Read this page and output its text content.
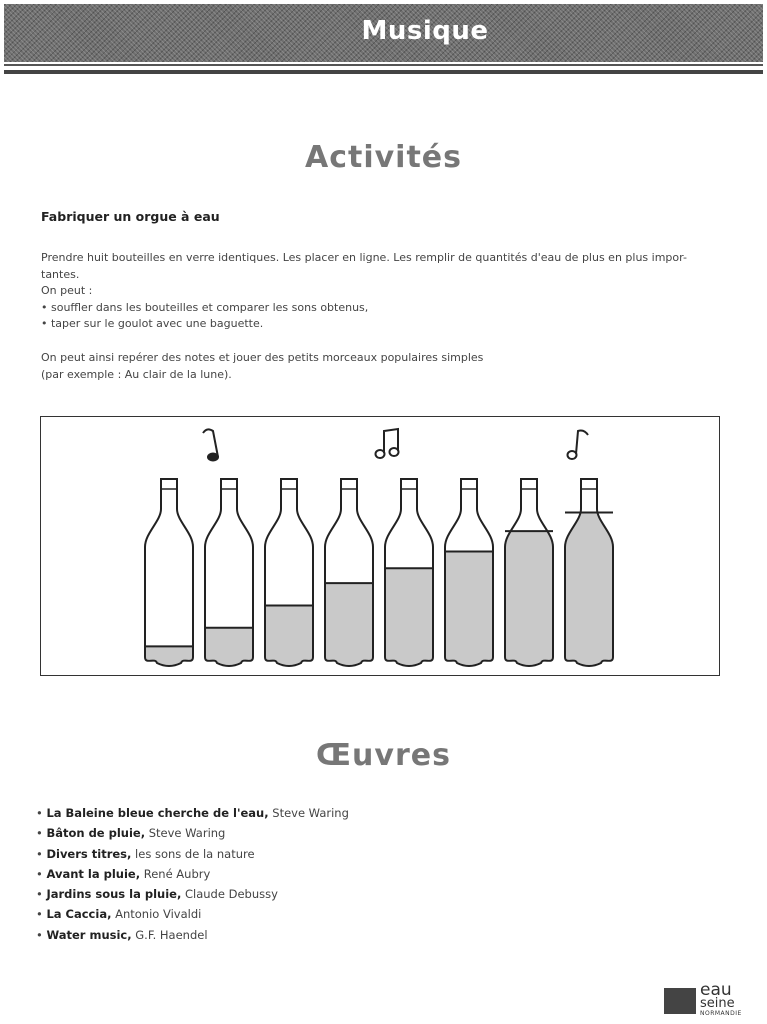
Musique
Activités
Fabriquer un orgue à eau
Prendre huit bouteilles en verre identiques. Les placer en ligne. Les remplir de quantités d'eau de plus en plus impor-
tantes.
On peut :
• souffler dans les bouteilles et comparer les sons obtenus,
• taper sur le goulot avec une baguette.
On peut ainsi repérer des notes et jouer des petits morceaux populaires simples
(par exemple : Au clair de la lune).
Œuvres
• La Baleine bleue cherche de l'eau, Steve Waring
• Bâton de pluie, Steve Waring
• Divers titres, les sons de la nature
• Avant la pluie, René Aubry
• Jardins sous la pluie, Claude Debussy
• La Caccia, Antonio Vivaldi
• Water music, G.F. Haendel
eau
seine
NORMANDIE
